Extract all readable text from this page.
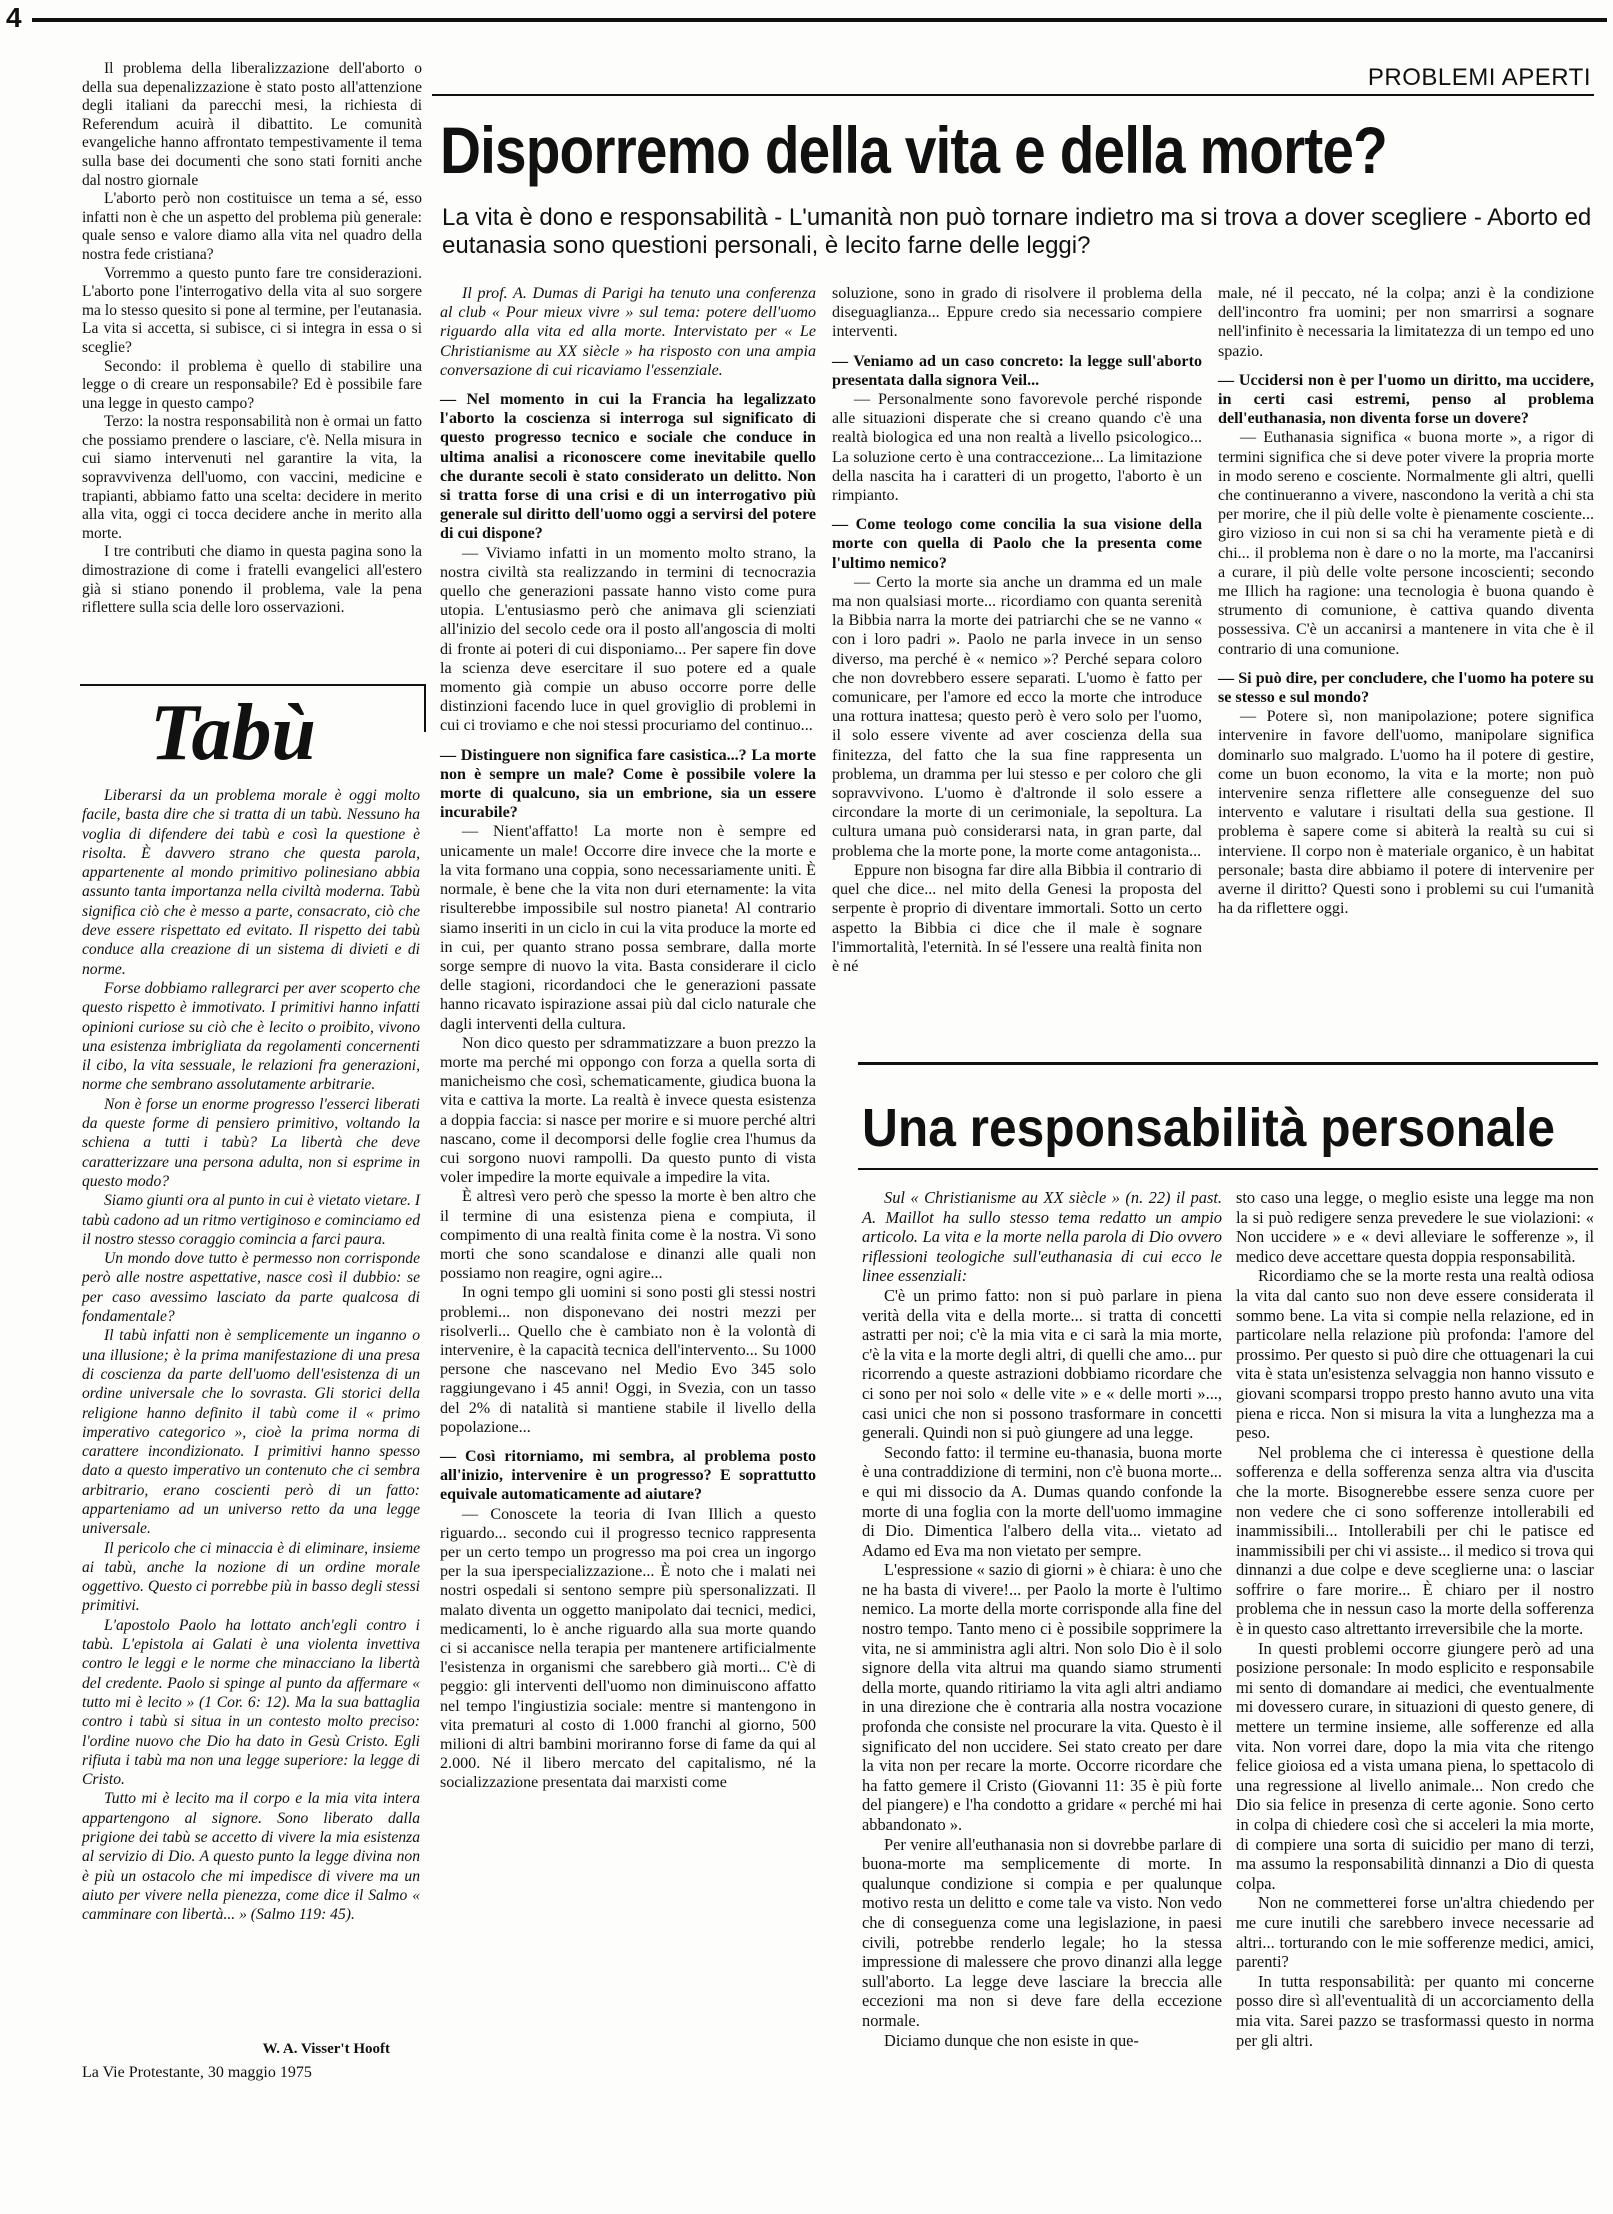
4
PROBLEMI APERTI

Il problema della liberalizzazione dell'aborto o della sua depenalizzazione è stato posto all'attenzione degli italiani da parecchi mesi, la richiesta di Referendum acuirà il dibattito. Le comunità evangeliche hanno affrontato tempestivamente il tema sulla base dei documenti che sono stati forniti anche dal nostro giornale

L'aborto però non costituisce un tema a sé, esso infatti non è che un aspetto del problema più generale: quale senso e valore diamo alla vita nel quadro della nostra fede cristiana?

Vorremmo a questo punto fare tre considerazioni. L'aborto pone l'interrogativo della vita al suo sorgere ma lo stesso quesito si pone al termine, per l'eutanasia. La vita si accetta, si subisce, ci si integra in essa o si sceglie?

Secondo: il problema è quello di stabilire una legge o di creare un responsabile? Ed è possibile fare una legge in questo campo?

Terzo: la nostra responsabilità non è ormai un fatto che possiamo prendere o lasciare, c'è. Nella misura in cui siamo intervenuti nel garantire la vita, la sopravvivenza dell'uomo, con vaccini, medicine e trapianti, abbiamo fatto una scelta: decidere in merito alla vita, oggi ci tocca decidere anche in merito alla morte.

I tre contributi che diamo in questa pagina sono la dimostrazione di come i fratelli evangelici all'estero già si stiano ponendo il problema, vale la pena riflettere sulla scia delle loro osservazioni.

Disporremo della vita e della morte?
La vita è dono e responsabilità - L'umanità non può tornare indietro ma si trova a dover scegliere - Aborto ed eutanasia sono questioni personali, è lecito farne delle leggi?

Il prof. A. Dumas di Parigi ha tenuto una conferenza al club « Pour mieux vivre » sul tema: potere dell'uomo riguardo alla vita ed alla morte. Intervistato per « Le Christianisme au XX siècle » ha risposto con una ampia conversazione di cui ricaviamo l'essenziale.

— Nel momento in cui la Francia ha legalizzato l'aborto la coscienza si interroga sul significato di questo progresso tecnico e sociale che conduce in ultima analisi a riconoscere come inevitabile quello che durante secoli è stato considerato un delitto. Non si tratta forse di una crisi e di un interrogativo più generale sul diritto dell'uomo oggi a servirsi del potere di cui dispone?

— Viviamo infatti in un momento molto strano, la nostra civiltà sta realizzando in termini di tecnocrazia quello che generazioni passate hanno visto come pura utopia. L'entusiasmo però che animava gli scienziati all'inizio del secolo cede ora il posto all'angoscia di molti di fronte ai poteri di cui disponiamo... Per sapere fin dove la scienza deve esercitare il suo potere ed a quale momento già compie un abuso occorre porre delle distinzioni facendo luce in quel groviglio di problemi in cui ci troviamo e che noi stessi procuriamo del continuo...

— Distinguere non significa fare casistica...? La morte non è sempre un male? Come è possibile volere la morte di qualcuno, sia un embrione, sia un essere incurabile?

— Nient'affatto! La morte non è sempre ed unicamente un male! Occorre dire invece che la morte e la vita formano una coppia, sono necessariamente uniti. È normale, è bene che la vita non duri eternamente: la vita risulterebbe impossibile sul nostro pianeta! Al contrario siamo inseriti in un ciclo in cui la vita produce la morte ed in cui, per quanto strano possa sembrare, dalla morte sorge sempre di nuovo la vita. Basta considerare il ciclo delle stagioni, ricordandoci che le generazioni passate hanno ricavato ispirazione assai più dal ciclo naturale che dagli interventi della cultura.

Non dico questo per sdrammatizzare a buon prezzo la morte ma perché mi oppongo con forza a quella sorta di manicheismo che così, schematicamente, giudica buona la vita e cattiva la morte. La realtà è invece questa esistenza a doppia faccia: si nasce per morire e si muore perché altri nascano, come il decomporsi delle foglie crea l'humus da cui sorgono nuovi rampolli. Da questo punto di vista voler impedire la morte equivale a impedire la vita.

È altresì vero però che spesso la morte è ben altro che il termine di una esistenza piena e compiuta, il compimento di una realtà finita come è la nostra. Vi sono morti che sono scandalose e dinanzi alle quali non possiamo non reagire, ogni agire...

In ogni tempo gli uomini si sono posti gli stessi nostri problemi... non disponevano dei nostri mezzi per risolverli... Quello che è cambiato non è la volontà di intervenire, è la capacità tecnica dell'intervento... Su 1000 persone che nascevano nel Medio Evo 345 solo raggiungevano i 45 anni! Oggi, in Svezia, con un tasso del 2% di natalità si mantiene stabile il livello della popolazione...

— Così ritorniamo, mi sembra, al problema posto all'inizio, intervenire è un progresso? E soprattutto equivale automaticamente ad aiutare?

— Conoscete la teoria di Ivan Illich a questo riguardo... secondo cui il progresso tecnico rappresenta per un certo tempo un progresso ma poi crea un ingorgo per la sua iperspecializzazione... È noto che i malati nei nostri ospedali si sentono sempre più spersonalizzati. Il malato diventa un oggetto manipolato dai tecnici, medici, medicamenti, lo è anche riguardo alla sua morte quando ci si accanisce nella terapia per mantenere artificialmente l'esistenza in organismi che sarebbero già morti... C'è di peggio: gli interventi dell'uomo non diminuiscono affatto nel tempo l'ingiustizia sociale: mentre si mantengono in vita prematuri al costo di 1.000 franchi al giorno, 500 milioni di altri bambini moriranno forse di fame da qui al 2.000. Né il libero mercato del capitalismo, né la socializzazione presentata dai marxisti come

soluzione, sono in grado di risolvere il problema della diseguaglianza... Eppure credo sia necessario compiere interventi.

— Veniamo ad un caso concreto: la legge sull'aborto presentata dalla signora Veil...

— Personalmente sono favorevole perché risponde alle situazioni disperate che si creano quando c'è una realtà biologica ed una non realtà a livello psicologico... La soluzione certo è una contraccezione... La limitazione della nascita ha i caratteri di un progetto, l'aborto è un rimpianto.

— Come teologo come concilia la sua visione della morte con quella di Paolo che la presenta come l'ultimo nemico?

— Certo la morte sia anche un dramma ed un male ma non qualsiasi morte... ricordiamo con quanta serenità la Bibbia narra la morte dei patriarchi che se ne vanno « con i loro padri ». Paolo ne parla invece in un senso diverso, ma perché è « nemico »? Perché separa coloro che non dovrebbero essere separati. L'uomo è fatto per comunicare, per l'amore ed ecco la morte che introduce una rottura inattesa; questo però è vero solo per l'uomo, il solo essere vivente ad aver coscienza della sua finitezza, del fatto che la sua fine rappresenta un problema, un dramma per lui stesso e per coloro che gli sopravvivono. L'uomo è d'altronde il solo essere a circondare la morte di un cerimoniale, la sepoltura. La cultura umana può considerarsi nata, in gran parte, dal problema che la morte pone, la morte come antagonista...

Eppure non bisogna far dire alla Bibbia il contrario di quel che dice... nel mito della Genesi la proposta del serpente è proprio di diventare immortali. Sotto un certo aspetto la Bibbia ci dice che il male è sognare l'immortalità, l'eternità. In sé l'essere una realtà finita non è né

male, né il peccato, né la colpa; anzi è la condizione dell'incontro fra uomini; per non smarrirsi a sognare nell'infinito è necessaria la limitatezza di un tempo ed uno spazio.

— Uccidersi non è per l'uomo un diritto, ma uccidere, in certi casi estremi, penso al problema dell'euthanasia, non diventa forse un dovere?

— Euthanasia significa « buona morte », a rigor di termini significa che si deve poter vivere la propria morte in modo sereno e cosciente. Normalmente gli altri, quelli che continueranno a vivere, nascondono la verità a chi sta per morire, che il più delle volte è pienamente cosciente... giro vizioso in cui non si sa chi ha veramente pietà e di chi... il problema non è dare o no la morte, ma l'accanirsi a curare, il più delle volte persone incoscienti; secondo me Illich ha ragione: una tecnologia è buona quando è strumento di comunione, è cattiva quando diventa possessiva. C'è un accanirsi a mantenere in vita che è il contrario di una comunione.

— Si può dire, per concludere, che l'uomo ha potere su se stesso e sul mondo?

— Potere sì, non manipolazione; potere significa intervenire in favore dell'uomo, manipolare significa dominarlo suo malgrado. L'uomo ha il potere di gestire, come un buon economo, la vita e la morte; non può intervenire senza riflettere alle conseguenze del suo intervento e valutare i risultati della sua gestione. Il problema è sapere come si abiterà la realtà su cui si interviene. Il corpo non è materiale organico, è un habitat personale; basta dire abbiamo il potere di intervenire per averne il diritto? Questi sono i problemi su cui l'umanità ha da riflettere oggi.

Tabù

Liberarsi da un problema morale è oggi molto facile, basta dire che si tratta di un tabù. Nessuno ha voglia di difendere dei tabù e così la questione è risolta. È davvero strano che questa parola, appartenente al mondo primitivo polinesiano abbia assunto tanta importanza nella civiltà moderna. Tabù significa ciò che è messo a parte, consacrato, ciò che deve essere rispettato ed evitato. Il rispetto dei tabù conduce alla creazione di un sistema di divieti e di norme.

Forse dobbiamo rallegrarci per aver scoperto che questo rispetto è immotivato. I primitivi hanno infatti opinioni curiose su ciò che è lecito o proibito, vivono una esistenza imbrigliata da regolamenti concernenti il cibo, la vita sessuale, le relazioni fra generazioni, norme che sembrano assolutamente arbitrarie.

Non è forse un enorme progresso l'esserci liberati da queste forme di pensiero primitivo, voltando la schiena a tutti i tabù? La libertà che deve caratterizzare una persona adulta, non si esprime in questo modo?

Siamo giunti ora al punto in cui è vietato vietare. I tabù cadono ad un ritmo vertiginoso e cominciamo ed il nostro stesso coraggio comincia a farci paura.

Un mondo dove tutto è permesso non corrisponde però alle nostre aspettative, nasce così il dubbio: se per caso avessimo lasciato da parte qualcosa di fondamentale?

Il tabù infatti non è semplicemente un inganno o una illusione; è la prima manifestazione di una presa di coscienza da parte dell'uomo dell'esistenza di un ordine universale che lo sovrasta. Gli storici della religione hanno definito il tabù come il « primo imperativo categorico », cioè la prima norma di carattere incondizionato. I primitivi hanno spesso dato a questo imperativo un contenuto che ci sembra arbitrario, erano coscienti però di un fatto: apparteniamo ad un universo retto da una legge universale.

Il pericolo che ci minaccia è di eliminare, insieme ai tabù, anche la nozione di un ordine morale oggettivo. Questo ci porrebbe più in basso degli stessi primitivi.

L'apostolo Paolo ha lottato anch'egli contro i tabù. L'epistola ai Galati è una violenta invettiva contro le leggi e le norme che minacciano la libertà del credente. Paolo si spinge al punto da affermare « tutto mi è lecito » (1 Cor. 6: 12). Ma la sua battaglia contro i tabù si situa in un contesto molto preciso: l'ordine nuovo che Dio ha dato in Gesù Cristo. Egli rifiuta i tabù ma non una legge superiore: la legge di Cristo.

Tutto mi è lecito ma il corpo e la mia vita intera appartengono al signore. Sono liberato dalla prigione dei tabù se accetto di vivere la mia esistenza al servizio di Dio. A questo punto la legge divina non è più un ostacolo che mi impedisce di vivere ma un aiuto per vivere nella pienezza, come dice il Salmo « camminare con libertà... » (Salmo 119: 45).

W. A. Visser't Hooft
La Vie Protestante, 30 maggio 1975
Una responsabilità personale

Sul « Christianisme au XX siècle » (n. 22) il past. A. Maillot ha sullo stesso tema redatto un ampio articolo. La vita e la morte nella parola di Dio ovvero riflessioni teologiche sull'euthanasia di cui ecco le linee essenziali:

C'è un primo fatto: non si può parlare in piena verità della vita e della morte... si tratta di concetti astratti per noi; c'è la mia vita e ci sarà la mia morte, c'è la vita e la morte degli altri, di quelli che amo... pur ricorrendo a queste astrazioni dobbiamo ricordare che ci sono per noi solo « delle vite » e « delle morti »..., casi unici che non si possono trasformare in concetti generali. Quindi non si può giungere ad una legge.

Secondo fatto: il termine eu-thanasia, buona morte è una contraddizione di termini, non c'è buona morte... e qui mi dissocio da A. Dumas quando confonde la morte di una foglia con la morte dell'uomo immagine di Dio. Dimentica l'albero della vita... vietato ad Adamo ed Eva ma non vietato per sempre.

L'espressione « sazio di giorni » è chiara: è uno che ne ha basta di vivere!... per Paolo la morte è l'ultimo nemico. La morte della morte corrisponde alla fine del nostro tempo. Tanto meno ci è possibile sopprimere la vita, ne si amministra agli altri. Non solo Dio è il solo signore della vita altrui ma quando siamo strumenti della morte, quando ritiriamo la vita agli altri andiamo in una direzione che è contraria alla nostra vocazione profonda che consiste nel procurare la vita. Questo è il significato del non uccidere. Sei stato creato per dare la vita non per recare la morte. Occorre ricordare che ha fatto gemere il Cristo (Giovanni 11: 35 è più forte del piangere) e l'ha condotto a gridare « perché mi hai abbandonato ».

Per venire all'euthanasia non si dovrebbe parlare di buona-morte ma semplicemente di morte. In qualunque condizione si compia e per qualunque motivo resta un delitto e come tale va visto. Non vedo che di conseguenza come una legislazione, in paesi civili, potrebbe renderlo legale; ho la stessa impressione di malessere che provo dinanzi alla legge sull'aborto. La legge deve lasciare la breccia alle eccezioni ma non si deve fare della eccezione normale.

Diciamo dunque che non esiste in que-

sto caso una legge, o meglio esiste una legge ma non la si può redigere senza prevedere le sue violazioni: « Non uccidere » e « devi alleviare le sofferenze », il medico deve accettare questa doppia responsabilità.

Ricordiamo che se la morte resta una realtà odiosa la vita dal canto suo non deve essere considerata il sommo bene. La vita si compie nella relazione, ed in particolare nella relazione più profonda: l'amore del prossimo. Per questo si può dire che ottuagenari la cui vita è stata un'esistenza selvaggia non hanno vissuto e giovani scomparsi troppo presto hanno avuto una vita piena e ricca. Non si misura la vita a lunghezza ma a peso.

Nel problema che ci interessa è questione della sofferenza e della sofferenza senza altra via d'uscita che la morte. Bisognerebbe essere senza cuore per non vedere che ci sono sofferenze intollerabili ed inammissibili... Intollerabili per chi le patisce ed inammissibili per chi vi assiste... il medico si trova qui dinnanzi a due colpe e deve sceglierne una: o lasciar soffrire o fare morire... È chiaro per il nostro problema che in nessun caso la morte della sofferenza è in questo caso altrettanto irreversibile che la morte.

In questi problemi occorre giungere però ad una posizione personale: In modo esplicito e responsabile mi sento di domandare ai medici, che eventualmente mi dovessero curare, in situazioni di questo genere, di mettere un termine insieme, alle sofferenze ed alla vita. Non vorrei dare, dopo la mia vita che ritengo felice gioiosa ed a vista umana piena, lo spettacolo di una regressione al livello animale... Non credo che Dio sia felice in presenza di certe agonie. Sono certo in colpa di chiedere così che si acceleri la mia morte, di compiere una sorta di suicidio per mano di terzi, ma assumo la responsabilità dinnanzi a Dio di questa colpa.

Non ne commetterei forse un'altra chiedendo per me cure inutili che sarebbero invece necessarie ad altri... torturando con le mie sofferenze medici, amici, parenti?

In tutta responsabilità: per quanto mi concerne posso dire sì all'eventualità di un accorciamento della mia vita. Sarei pazzo se trasformassi questo in norma per gli altri.
